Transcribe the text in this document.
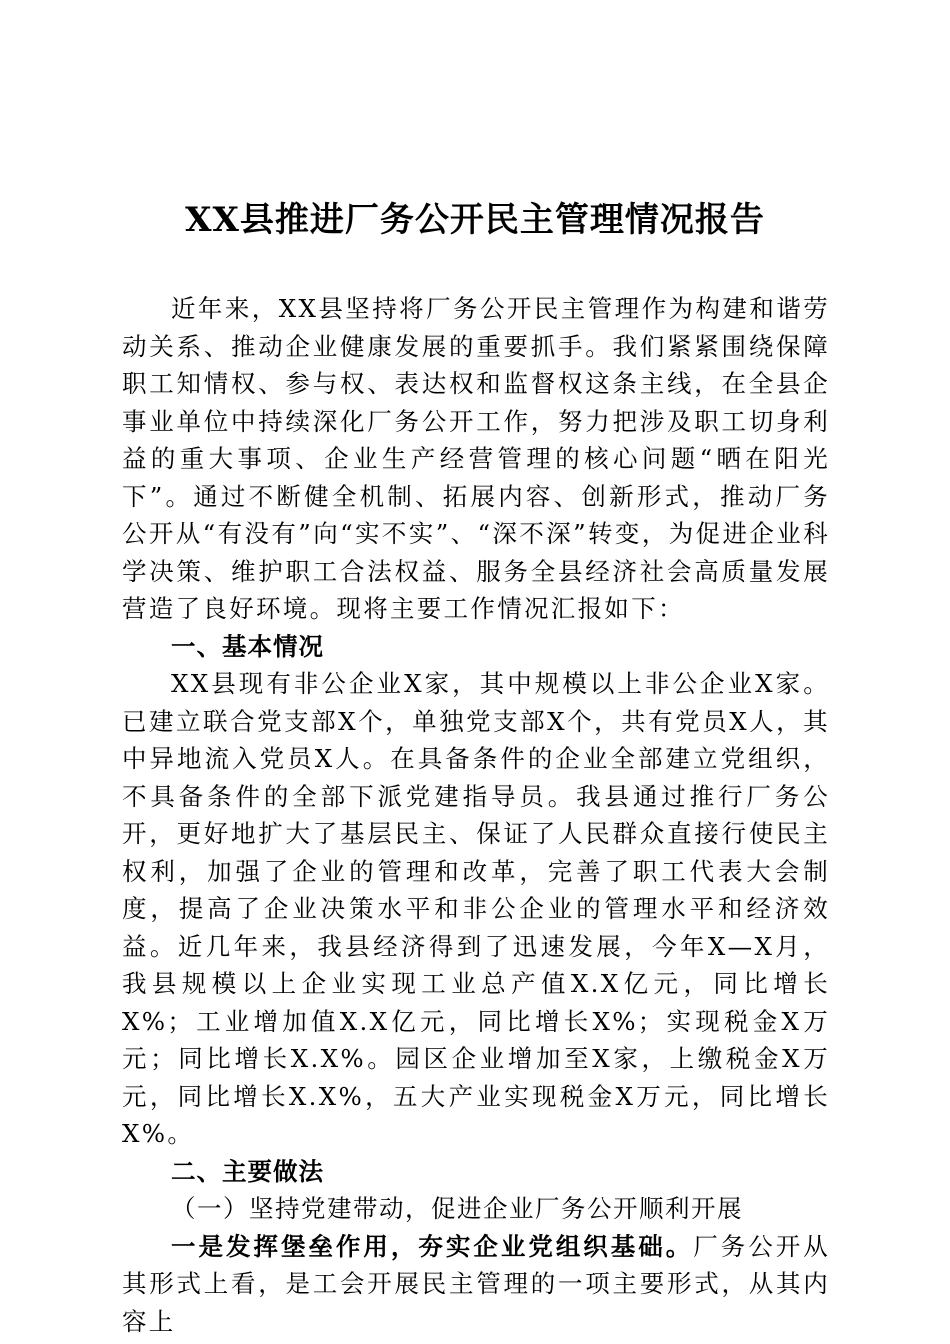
XX县推进厂务公开民主管理情况报告

近年来，XX县坚持将厂务公开民主管理作为构建和谐劳动关系、推动企业健康发展的重要抓手。我们紧紧围绕保障职工知情权、参与权、表达权和监督权这条主线，在全县企事业单位中持续深化厂务公开工作，努力把涉及职工切身利益的重大事项、企业生产经营管理的核心问题“晒在阳光下”。通过不断健全机制、拓展内容、创新形式，推动厂务公开从“有没有”向“实不实”、“深不深”转变，为促进企业科学决策、维护职工合法权益、服务全县经济社会高质量发展营造了良好环境。现将主要工作情况汇报如下：

一、基本情况

XX县现有非公企业X家，其中规模以上非公企业X家。已建立联合党支部X个，单独党支部X个，共有党员X人，其中异地流入党员X人。在具备条件的企业全部建立党组织，不具备条件的全部下派党建指导员。我县通过推行厂务公开，更好地扩大了基层民主、保证了人民群众直接行使民主权利，加强了企业的管理和改革，完善了职工代表大会制度，提高了企业决策水平和非公企业的管理水平和经济效益。近几年来，我县经济得到了迅速发展，今年X—X月，我县规模以上企业实现工业总产值X.X亿元，同比增长X%；工业增加值X.X亿元，同比增长X%；实现税金X万元；同比增长X.X%。园区企业增加至X家，上缴税金X万元，同比增长X.X%，五大产业实现税金X万元，同比增长X%。

二、主要做法

（一）坚持党建带动，促进企业厂务公开顺利开展

一是发挥堡垒作用，夯实企业党组织基础。厂务公开从其形式上看，是工会开展民主管理的一项主要形式，从其内容上
